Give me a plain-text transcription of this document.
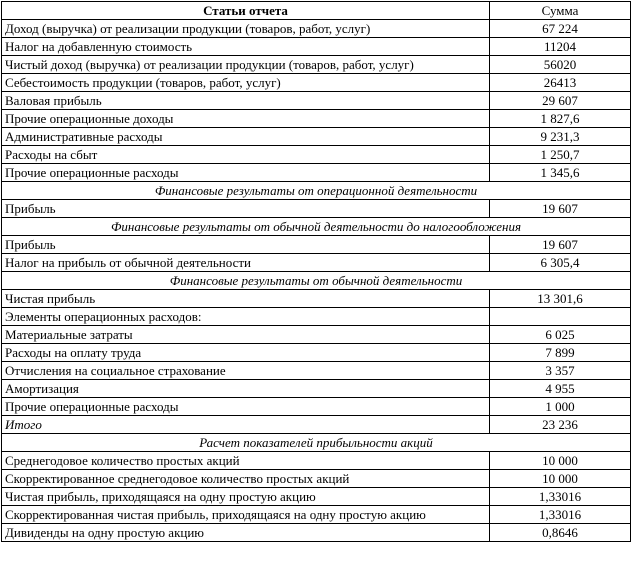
Статьи отчета	Сумма
Доход (выручка) от реализации продукции (товаров, работ, услуг)	67 224
Налог на добавленную стоимость	11204
Чистый доход (выручка) от реализации продукции (товаров, работ, услуг)	56020
Себестоимость продукции (товаров, работ, услуг)	26413
Валовая прибыль	29 607
Прочие операционные доходы	1 827,6
Административные расходы	9 231,3
Расходы на сбыт	1 250,7
Прочие операционные расходы	1 345,6
Финансовые результаты от операционной деятельности	
Прибыль	19 607
Финансовые результаты от обычной деятельности до налогообложения	
Прибыль	19 607
Налог на прибыль от обычной деятельности	6 305,4
Финансовые результаты от обычной деятельности	
Чистая прибыль	13 301,6
Элементы операционных расходов:	
Материальные затраты	6 025
Расходы на оплату труда	7 899
Отчисления на социальное страхование	3 357
Амортизация	4 955
Прочие операционные расходы	1 000
Итого	23 236
Расчет показателей прибыльности акций	
Среднегодовое количество простых акций	10 000
Скорректированное среднегодовое количество простых акций	10 000
Чистая прибыль, приходящаяся на одну простую акцию	1,33016
Скорректированная чистая прибыль, приходящаяся на одну простую акцию	1,33016
Дивиденды на одну простую акцию	0,8646
